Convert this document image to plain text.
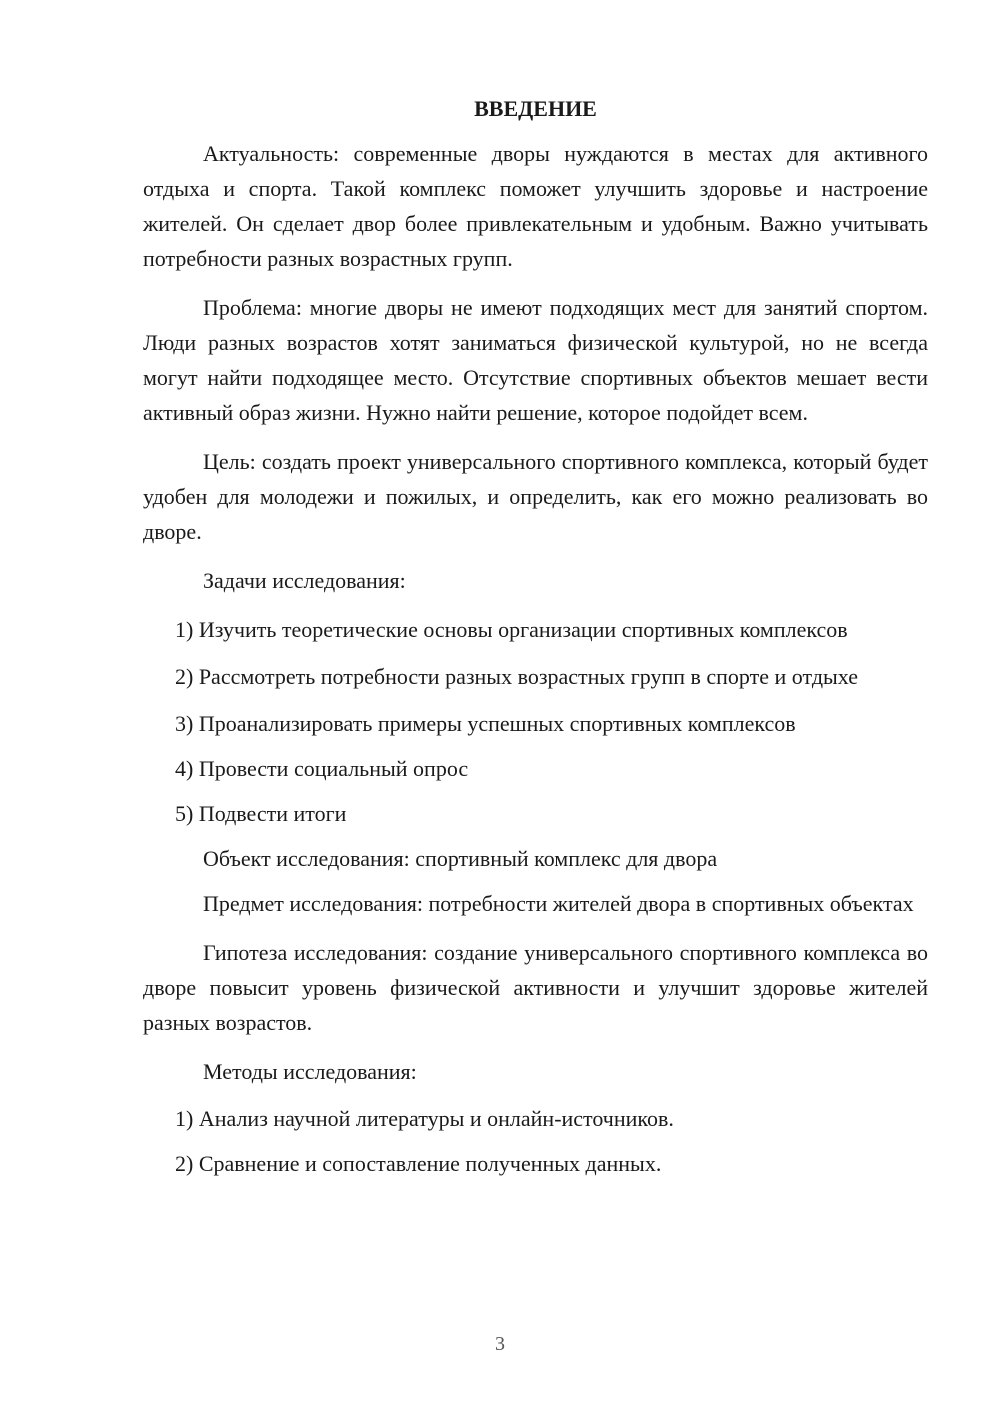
ВВЕДЕНИЕ

Актуальность: современные дворы нуждаются в местах для активного отдыха и спорта. Такой комплекс поможет улучшить здоровье и настроение жителей. Он сделает двор более привлекательным и удобным. Важно учитывать потребности разных возрастных групп.

Проблема: многие дворы не имеют подходящих мест для занятий спортом. Люди разных возрастов хотят заниматься физической культурой, но не всегда могут найти подходящее место. Отсутствие спортивных объектов мешает вести активный образ жизни. Нужно найти решение, которое подойдет всем.

Цель: создать проект универсального спортивного комплекса, который будет удобен для молодежи и пожилых, и определить, как его можно реализовать во дворе.

Задачи исследования:

1) Изучить теоретические основы организации спортивных комплексов

2) Рассмотреть потребности разных возрастных групп в спорте и отдыхе

3) Проанализировать примеры успешных спортивных комплексов

4) Провести социальный опрос

5) Подвести итоги

Объект исследования: спортивный комплекс для двора

Предмет исследования: потребности жителей двора в спортивных объектах

Гипотеза исследования: создание универсального спортивного комплекса во дворе повысит уровень физической активности и улучшит здоровье жителей разных возрастов.

Методы исследования:

1) Анализ научной литературы и онлайн-источников.

2) Сравнение и сопоставление полученных данных.

3
